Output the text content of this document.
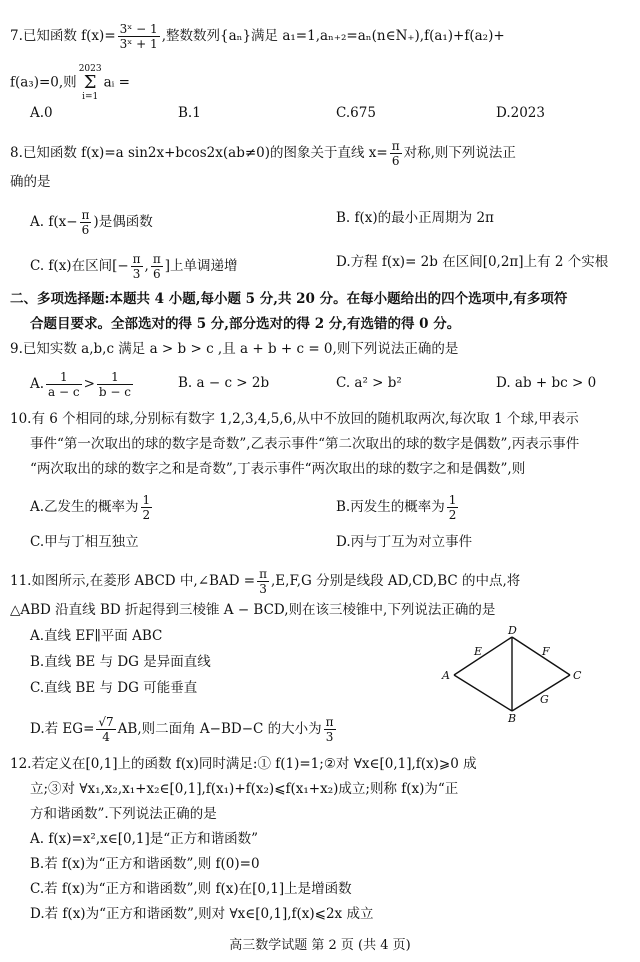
7.已知函数 $f(x)= \frac{\text{3ˣ − 1}}{\text{3ˣ + 1}}$ ,整数数列{aₙ}满足 a₁=1,aₙ₊₂=aₙ(n∈N₊),f(a₁)+f(a₂)+
f(a₃)=0,则2023
Σ
i=1aᵢ =
A.0	B.1	C.675	D.2023
8.已知函数 f(x)=a sin2x+bcos2x(ab≠0)的图象关于直线 $x= \frac{\pi}{6}$ 对称,则下列说法正
确的是
A. $f(x- \frac{\pi}{6}$ )是偶函数	B. f(x)的最小正周期为 2π
C. f(x)在区间[− $\frac{\pi}{3}$ , $\frac{\pi}{6}$ ]上单调递增	D.方程 f(x)= 2b 在区间[0,2π]上有 2 个实根
二、多项选择题:本题共 4 小题,每小题 5 分,共 20 分。在每小题给出的四个选项中,有多项符
合题目要求。全部选对的得 5 分,部分选对的得 2 分,有选错的得 0 分。
9.已知实数 a,b,c 满足 a > b > c ,且 a + b + c = 0,则下列说法正确的是
A. $\frac{1}{a - c} > \frac{1}{b - c}$	B. a − c > 2b	C. a² > b²	D. ab + bc > 0
10.有 6 个相同的球,分别标有数字 1,2,3,4,5,6,从中不放回的随机取两次,每次取 1 个球,甲表示
事件“第一次取出的球的数字是奇数”,乙表示事件“第二次取出的球的数字是偶数”,丙表示事件
“两次取出的球的数字之和是奇数”,丁表示事件“两次取出的球的数字之和是偶数”,则
A.乙发生的概率为 $\frac{1}{2}$	B.丙发生的概率为 $\frac{1}{2}$
C.甲与丁相互独立	D.丙与丁互为对立事件
11.如图所示,在菱形 ABCD 中,∠BAD = $\frac{\pi}{3} ,E,F,G$ 分别是线段 AD,CD,BC 的中点,将
△ABD 沿直线 BD 折起得到三棱锥 A − BCD,则在该三棱锥中,下列说法正确的是
A.直线 EF∥平面 ABC
B.直线 BE 与 DG 是异面直线
C.直线 BE 与 DG 可能垂直
D.若 $EG= \frac{√7}{4}$ AB,则二面角 A−BD−C 的大小为 $\frac{\pi}{3}$
A
D
C
B
E	F
G
12.若定义在[0,1]上的函数 f(x)同时满足:① f(1)=1;②对 ∀x∈[0,1],f(x)⩾0 成
立;③对 ∀x₁,x₂,x₁+x₂∈[0,1],f(x₁)+f(x₂)⩽f(x₁+x₂)成立;则称 f(x)为“正
方和谐函数”.下列说法正确的是
A. f(x)=x²,x∈[0,1]是“正方和谐函数”
B.若 f(x)为“正方和谐函数”,则 f(0)=0
C.若 f(x)为“正方和谐函数”,则 f(x)在[0,1]上是增函数
D.若 f(x)为“正方和谐函数”,则对 ∀x∈[0,1],f(x)⩽2x 成立
高三数学试题 第 2 页 (共 4 页)
